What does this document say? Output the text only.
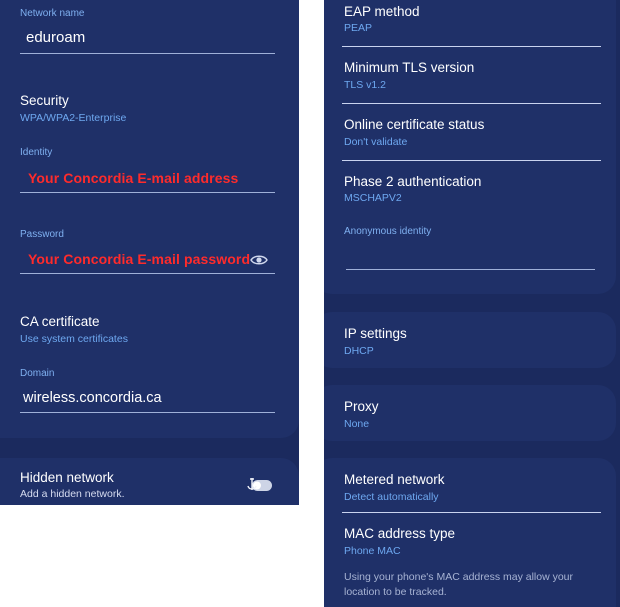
Network name
eduroam
Security
WPA/WPA2-Enterprise
Identity
Your Concordia E-mail address
Password
Your Concordia E-mail password
CA certificate
Use system certificates
Domain
wireless.concordia.ca
Hidden network
Add a hidden network.
EAP method
PEAP
Minimum TLS version
TLS v1.2
Online certificate status
Don't validate
Phase 2 authentication
MSCHAPV2
Anonymous identity
IP settings
DHCP
Proxy
None
Metered network
Detect automatically
MAC address type
Phone MAC
Using your phone's MAC address may allow your location to be tracked.
